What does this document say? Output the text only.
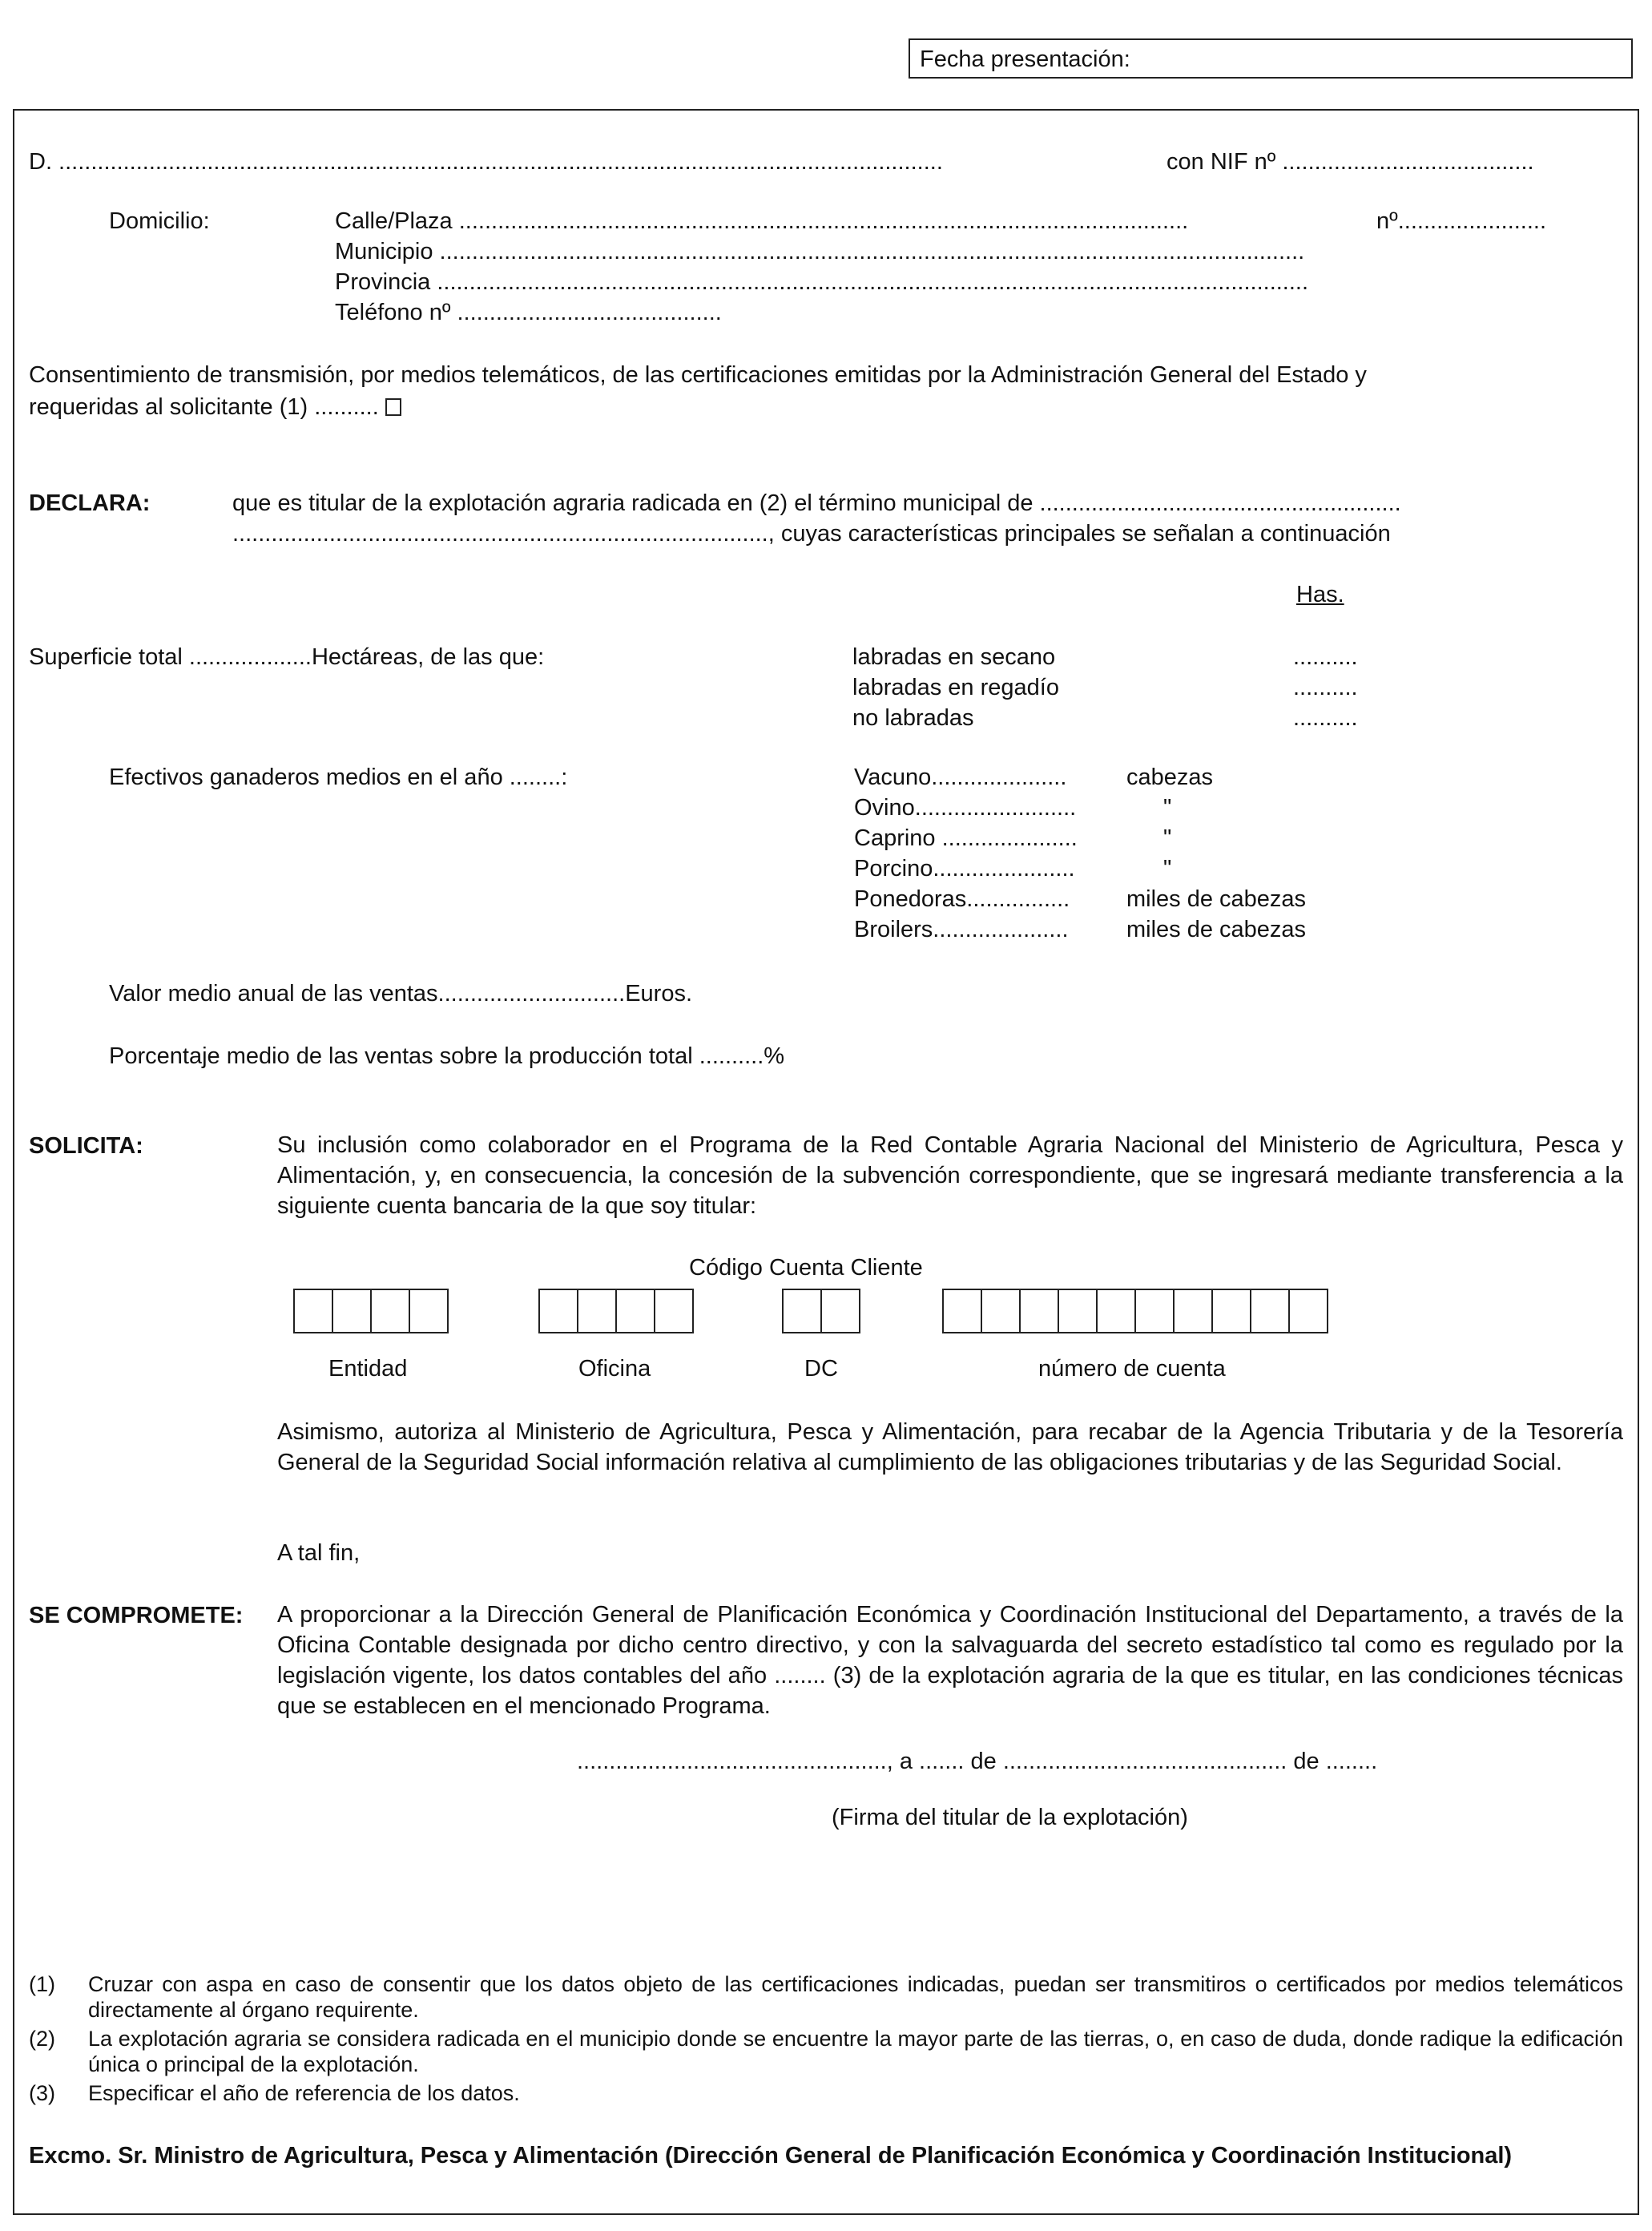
Fecha presentación:
D. .........................................................................................................................................	con NIF nº .......................................
Domicilio:	Calle/Plaza .................................................................................................................	nº.......................
Municipio ......................................................................................................................................
Provincia .......................................................................................................................................
Teléfono nº .........................................
Consentimiento de transmisión, por medios telemáticos, de las certificaciones emitidas por la Administración General del Estado y
requeridas al solicitante (1) ..........
DECLARA:	que es titular de la explotación agraria radicada en (2) el término municipal de ........................................................
..................................................................................., cuyas características principales se señalan a continuación
Has.
Superficie total ...................Hectáreas, de las que:	labradas en secano	..........
labradas en regadío	..........
no labradas	..........
Efectivos ganaderos medios en el año ........:	Vacuno.....................	cabezas
Ovino.........................	"
Caprino .....................	"
Porcino......................	"
Ponedoras................ miles de cabezas
Broilers.....................	miles de cabezas
Valor medio anual de las ventas.............................Euros.
Porcentaje medio de las ventas sobre la producción total ..........%
SOLICITA:	Su inclusión como colaborador en el Programa de la Red Contable Agraria Nacional del Ministerio de Agricultura, Pesca y Alimentación, y, en consecuencia, la concesión de la subvención correspondiente, que se ingresará mediante transferencia a la siguiente cuenta bancaria de la que soy titular:
Código Cuenta Cliente
Entidad	Oficina	DC	número de cuenta
Asimismo, autoriza al Ministerio de Agricultura, Pesca y Alimentación, para recabar de la Agencia Tributaria y de la Tesorería General de la Seguridad Social información relativa al cumplimiento de las obligaciones tributarias y de las Seguridad Social.
A tal fin,
SE COMPROMETE: A proporcionar a la Dirección General de Planificación Económica y Coordinación Institucional del Departamento, a través de la Oficina Contable designada por dicho centro directivo, y con la salvaguarda del secreto estadístico tal como es regulado por la legislación vigente, los datos contables del año ........ (3) de la explotación agraria de la que es titular, en las condiciones técnicas que se establecen en el mencionado Programa.
................................................, a ....... de ............................................ de ........
(Firma del titular de la explotación)
(1) Cruzar con aspa en caso de consentir que los datos objeto de las certificaciones indicadas, puedan ser transmitiros o certificados por medios telemáticos directamente al órgano requirente.
(2) La explotación agraria se considera radicada en el municipio donde se encuentre la mayor parte de las tierras, o, en caso de duda, donde radique la edificación única o principal de la explotación.
(3) Especificar el año de referencia de los datos.
Excmo. Sr. Ministro de Agricultura, Pesca y Alimentación (Dirección General de Planificación Económica y Coordinación Institucional)
